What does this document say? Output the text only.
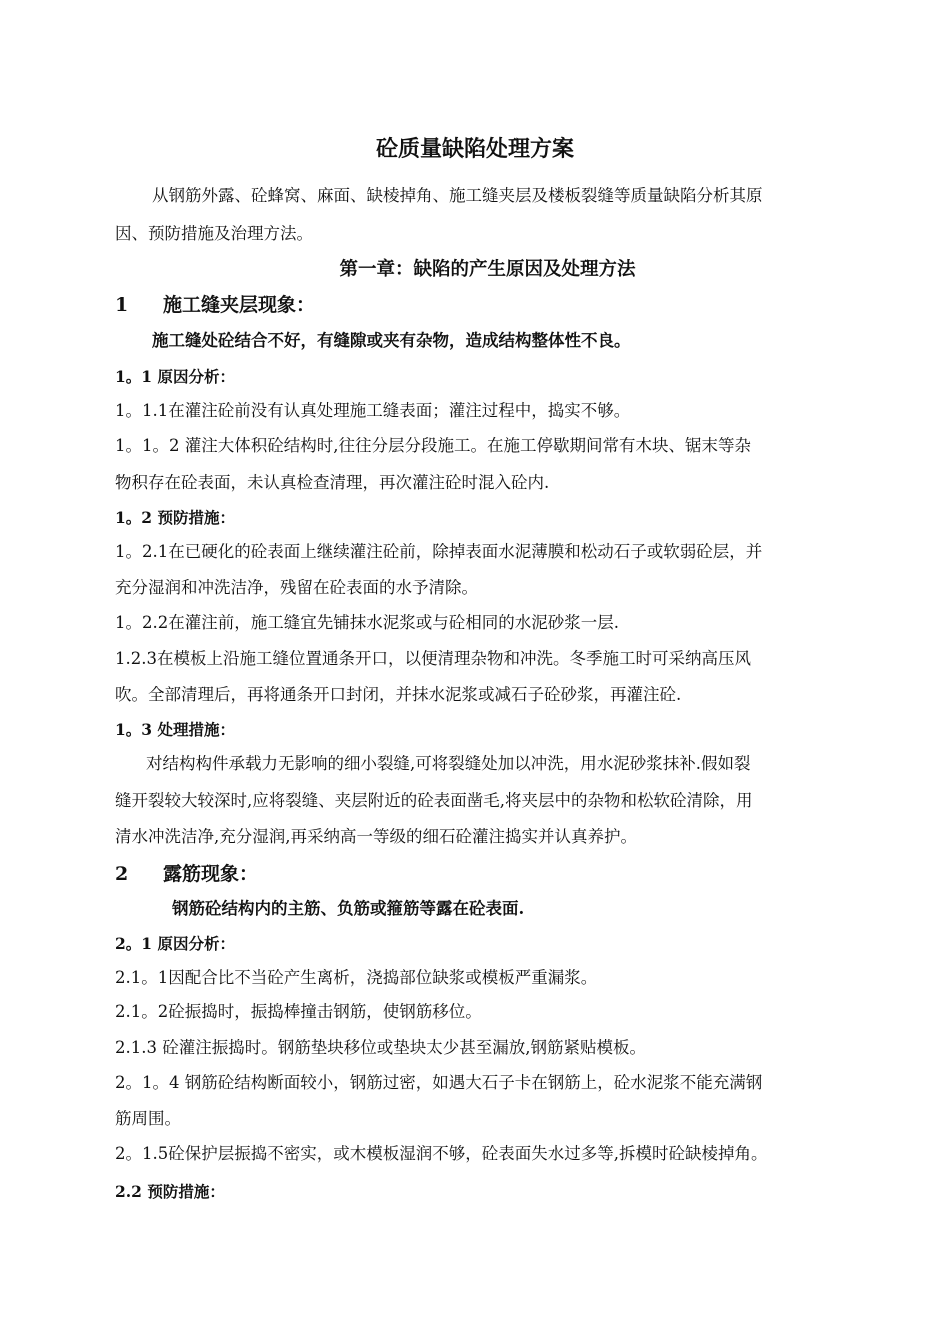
砼质量缺陷处理方案
从钢筋外露、砼蜂窝、麻面、缺棱掉角、施工缝夹层及楼板裂缝等质量缺陷分析其原
因、预防措施及治理方法。
第一章：缺陷的产生原因及处理方法
1 施工缝夹层现象：
施工缝处砼结合不好，有缝隙或夹有杂物，造成结构整体性不良。
1。1 原因分析：
1。1.1在灌注砼前没有认真处理施工缝表面；灌注过程中，捣实不够。
1。1。2 灌注大体积砼结构时,往往分层分段施工。在施工停歇期间常有木块、锯末等杂
物积存在砼表面，未认真检查清理，再次灌注砼时混入砼内.
1。2 预防措施：
1。2.1在已硬化的砼表面上继续灌注砼前，除掉表面水泥薄膜和松动石子或软弱砼层，并
充分湿润和冲洗洁净，残留在砼表面的水予清除。
1。2.2在灌注前，施工缝宜先铺抹水泥浆或与砼相同的水泥砂浆一层.
1.2.3在模板上沿施工缝位置通条开口，以便清理杂物和冲洗。冬季施工时可采纳高压风
吹。全部清理后，再将通条开口封闭，并抹水泥浆或减石子砼砂浆，再灌注砼.
1。3 处理措施：
对结构构件承载力无影响的细小裂缝,可将裂缝处加以冲洗，用水泥砂浆抹补.假如裂
缝开裂较大较深时,应将裂缝、夹层附近的砼表面凿毛,将夹层中的杂物和松软砼清除，用
清水冲洗洁净,充分湿润,再采纳高一等级的细石砼灌注捣实并认真养护。
2 露筋现象：
钢筋砼结构内的主筋、负筋或箍筋等露在砼表面.
2。1 原因分析：
2.1。1因配合比不当砼产生离析，浇捣部位缺浆或模板严重漏浆。
2.1。2砼振捣时，振捣棒撞击钢筋，使钢筋移位。
2.1.3 砼灌注振捣时。钢筋垫块移位或垫块太少甚至漏放,钢筋紧贴模板。
2。1。4 钢筋砼结构断面较小，钢筋过密，如遇大石子卡在钢筋上，砼水泥浆不能充满钢
筋周围。
2。1.5砼保护层振捣不密实，或木模板湿润不够，砼表面失水过多等,拆模时砼缺棱掉角。
2.2 预防措施：
